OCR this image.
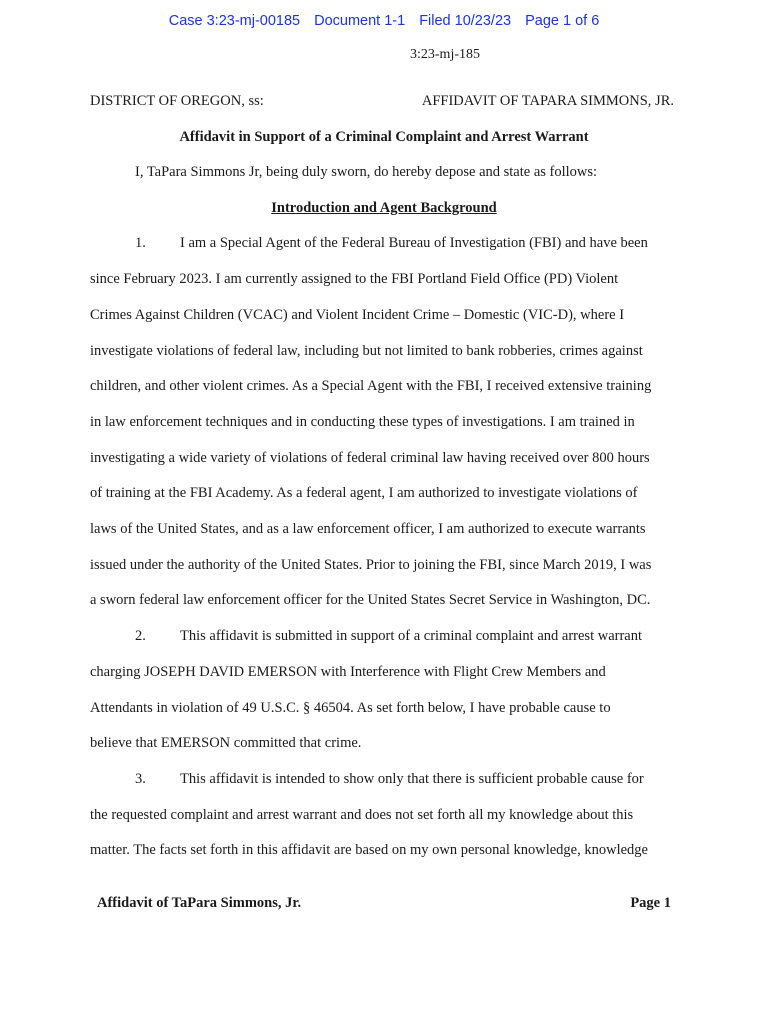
Case 3:23-mj-00185 Document 1-1 Filed 10/23/23 Page 1 of 6
3:23-mj-185
DISTRICT OF OREGON, ss:	AFFIDAVIT OF TAPARA SIMMONS, JR.
Affidavit in Support of a Criminal Complaint and Arrest Warrant
I, TaPara Simmons Jr, being duly sworn, do hereby depose and state as follows:
Introduction and Agent Background
1. I am a Special Agent of the Federal Bureau of Investigation (FBI) and have been
since February 2023. I am currently assigned to the FBI Portland Field Office (PD) Violent
Crimes Against Children (VCAC) and Violent Incident Crime – Domestic (VIC-D), where I
investigate violations of federal law, including but not limited to bank robberies, crimes against
children, and other violent crimes. As a Special Agent with the FBI, I received extensive training
in law enforcement techniques and in conducting these types of investigations. I am trained in
investigating a wide variety of violations of federal criminal law having received over 800 hours
of training at the FBI Academy. As a federal agent, I am authorized to investigate violations of
laws of the United States, and as a law enforcement officer, I am authorized to execute warrants
issued under the authority of the United States. Prior to joining the FBI, since March 2019, I was
a sworn federal law enforcement officer for the United States Secret Service in Washington, DC.
2. This affidavit is submitted in support of a criminal complaint and arrest warrant
charging JOSEPH DAVID EMERSON with Interference with Flight Crew Members and
Attendants in violation of 49 U.S.C. § 46504. As set forth below, I have probable cause to
believe that EMERSON committed that crime.
3. This affidavit is intended to show only that there is sufficient probable cause for
the requested complaint and arrest warrant and does not set forth all my knowledge about this
matter. The facts set forth in this affidavit are based on my own personal knowledge, knowledge
Affidavit of TaPara Simmons, Jr.	Page 1
